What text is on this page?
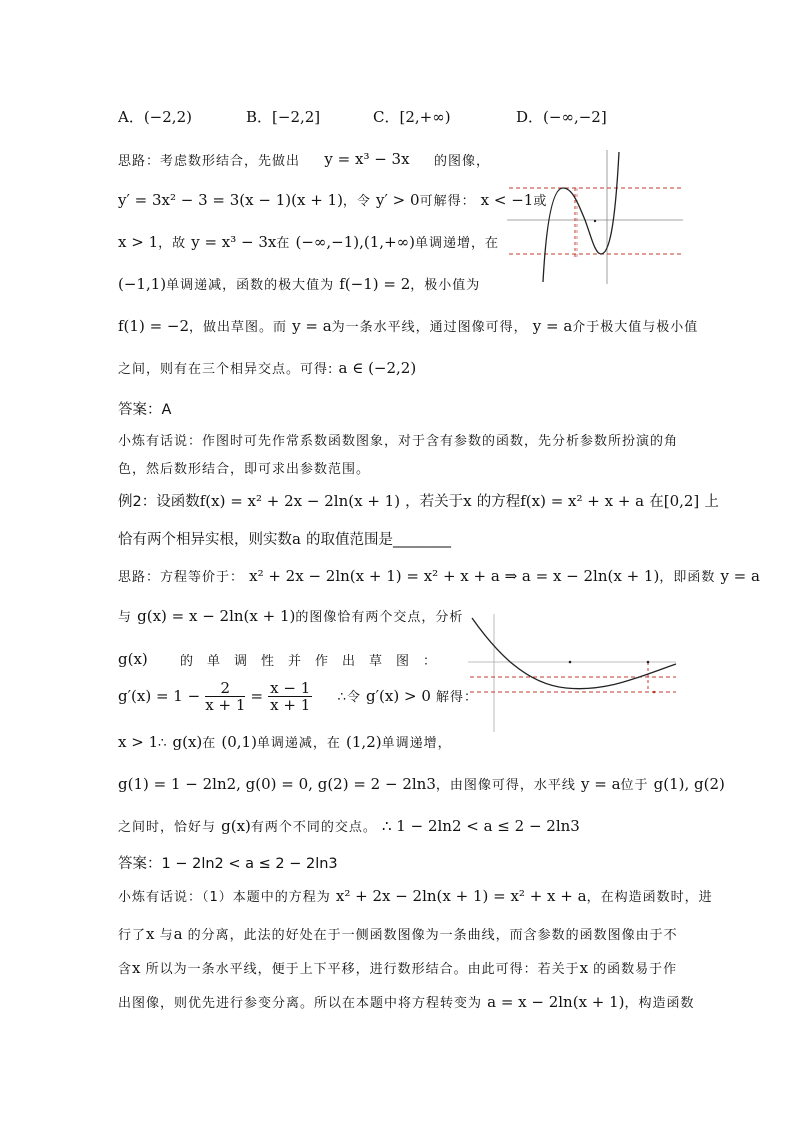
A．(−2,2)	B．[−2,2]	C．[2,+∞)	D．(−∞,−2]
思路：考虑数形结合，先做出 y = x³ − 3x 的图像，
y′ = 3x² − 3 = 3(x − 1)(x + 1)，令 y′ > 0可解得： x < −1或
x > 1，故 y = x³ − 3x在 (−∞,−1),(1,+∞)单调递增，在
(−1,1)单调递减，函数的极大值为 f(−1) = 2，极小值为
f(1) = −2，做出草图。而 y = a为一条水平线，通过图像可得， y = a介于极大值与极小值
之间，则有在三个相异交点。可得: a ∈ (−2,2)
答案：A
小炼有话说：作图时可先作常系数函数图象，对于含有参数的函数，先分析参数所扮演的角
色，然后数形结合，即可求出参数范围。
例2：设函数f(x) = x² + 2x − 2ln(x + 1) ，若关于x 的方程f(x) = x² + x + a 在[0,2] 上
恰有两个相异实根，则实数a 的取值范围是________
思路：方程等价于： x² + 2x − 2ln(x + 1) = x² + x + a ⇒ a = x − 2ln(x + 1)，即函数 y = a
与 g(x) = x − 2ln(x + 1)的图像恰有两个交点，分析
g(x) 的单调性并作出草图：
$g'(x) = 1 - \frac{2}{x + 1} = \frac{x - 1}{x + 1}$ ∴令 g′(x) > 0 解得：
x > 1∴ g(x)在 (0,1)单调递减，在 (1,2)单调递增，
g(1) = 1 − 2ln2, g(0) = 0, g(2) = 2 − 2ln3，由图像可得，水平线 y = a位于 g(1), g(2)
之间时，恰好与 g(x)有两个不同的交点。 ∴ 1 − 2ln2 < a ≤ 2 − 2ln3
答案：1 − 2ln2 < a ≤ 2 − 2ln3
小炼有话说：（1）本题中的方程为 x² + 2x − 2ln(x + 1) = x² + x + a，在构造函数时，进
行了x 与a 的分离，此法的好处在于一侧函数图像为一条曲线，而含参数的函数图像由于不
含x 所以为一条水平线，便于上下平移，进行数形结合。由此可得：若关于x 的函数易于作
出图像，则优先进行参变分离。所以在本题中将方程转变为 a = x − 2ln(x + 1)，构造函数
